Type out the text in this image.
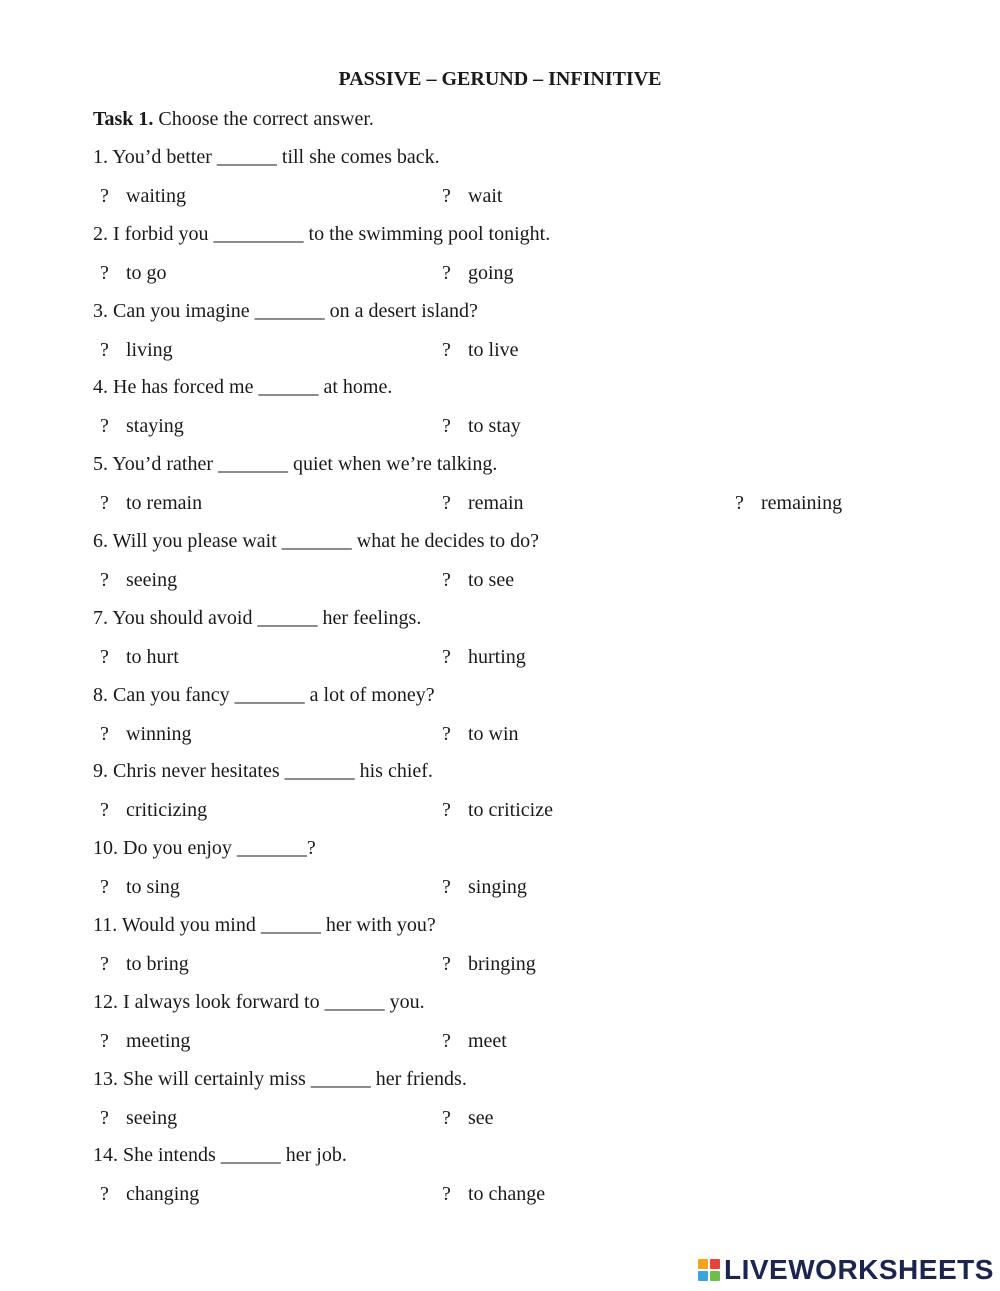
PASSIVE – GERUND – INFINITIVE
Task 1. Choose the correct answer.
1. You’d better ______ till she comes back.
? waiting	? wait
2. I forbid you _________ to the swimming pool tonight.
? to go	? going
3. Can you imagine _______ on a desert island?
? living	? to live
4. He has forced me ______ at home.
? staying	? to stay
5. You’d rather _______ quiet when we’re talking.
? to remain	? remain	? remaining
6. Will you please wait _______ what he decides to do?
? seeing	? to see
7. You should avoid ______ her feelings.
? to hurt	? hurting
8. Can you fancy _______ a lot of money?
? winning	? to win
9. Chris never hesitates _______ his chief.
? criticizing	? to criticize
10. Do you enjoy _______?
? to sing	? singing
11. Would you mind ______ her with you?
? to bring	? bringing
12. I always look forward to ______ you.
? meeting	? meet
13. She will certainly miss ______ her friends.
? seeing	? see
14. She intends ______ her job.
? changing	? to change
LIVEWORKSHEETS
